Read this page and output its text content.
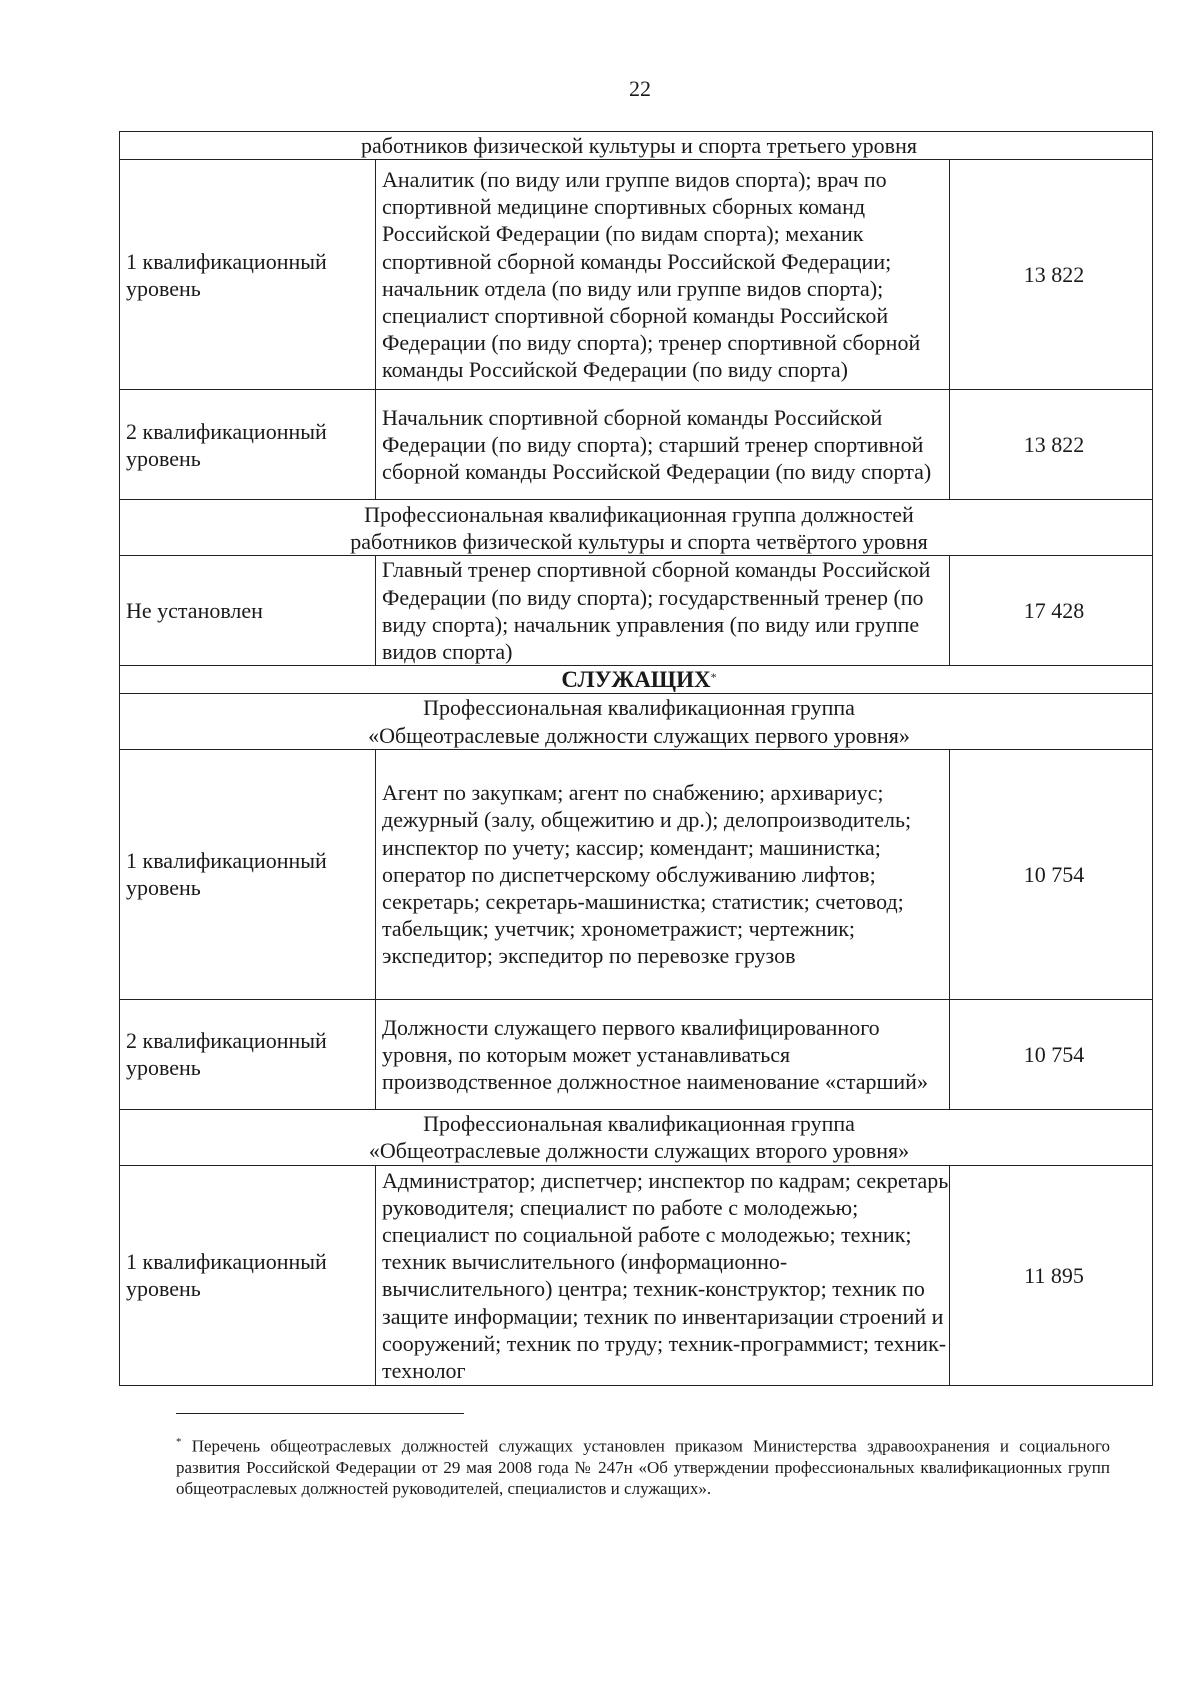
22
работников физической культуры и спорта третьего уровня		
1 квалификационный уровень	Аналитик (по виду или группе видов спорта); врач по спортивной медицине спортивных сборных команд Российской Федерации (по видам спорта); механик спортивной сборной команды Российской Федерации; начальник отдела (по виду или группе видов спорта); специалист спортивной сборной команды Российской Федерации (по виду спорта); тренер спортивной сборной команды Российской Федерации (по виду спорта)	13 822
2 квалификационный уровень	Начальник спортивной сборной команды Российской Федерации (по виду спорта); старший тренер спортивной сборной команды Российской Федерации (по виду спорта)	13 822

Профессиональная квалификационная группа должностей
работников физической культуры и спорта четвёртого уровня		

Не установлен	Главный тренер спортивной сборной команды Российской Федерации (по виду спорта); государственный тренер (по виду спорта); начальник управления (по виду или группе видов спорта)	17 428
СЛУЖАЩИХ*

Профессиональная квалификационная группа
«Общеотраслевые должности служащих первого уровня»		

1 квалификационный уровень	Агент по закупкам; агент по снабжению; архивариус; дежурный (залу, общежитию и др.); делопроизводитель; инспектор по учету; кассир; комендант; машинистка; оператор по диспетчерскому обслуживанию лифтов; секретарь; секретарь-машинистка; статистик; счетовод; табельщик; учетчик; хронометражист; чертежник; экспедитор; экспедитор по перевозке грузов	10 754
2 квалификационный уровень	Должности служащего первого квалифицированного уровня, по которым может устанавливаться производственное должностное наименование «старший»	10 754

Профессиональная квалификационная группа
«Общеотраслевые должности служащих второго уровня»		

1 квалификационный уровень	Администратор; диспетчер; инспектор по кадрам; секретарь руководителя; специалист по работе с молодежью; специалист по социальной работе с молодежью; техник; техник вычислительного (информационно-вычислительного) центра; техник-конструктор; техник по защите информации; техник по инвентаризации строений и сооружений; техник по труду; техник-программист; техник-технолог	11 895
* Перечень общеотраслевых должностей служащих установлен приказом Министерства здравоохранения и социального развития Российской Федерации от 29 мая 2008 года № 247н «Об утверждении профессиональных квалификационных групп общеотраслевых должностей руководителей, специалистов и служащих».
